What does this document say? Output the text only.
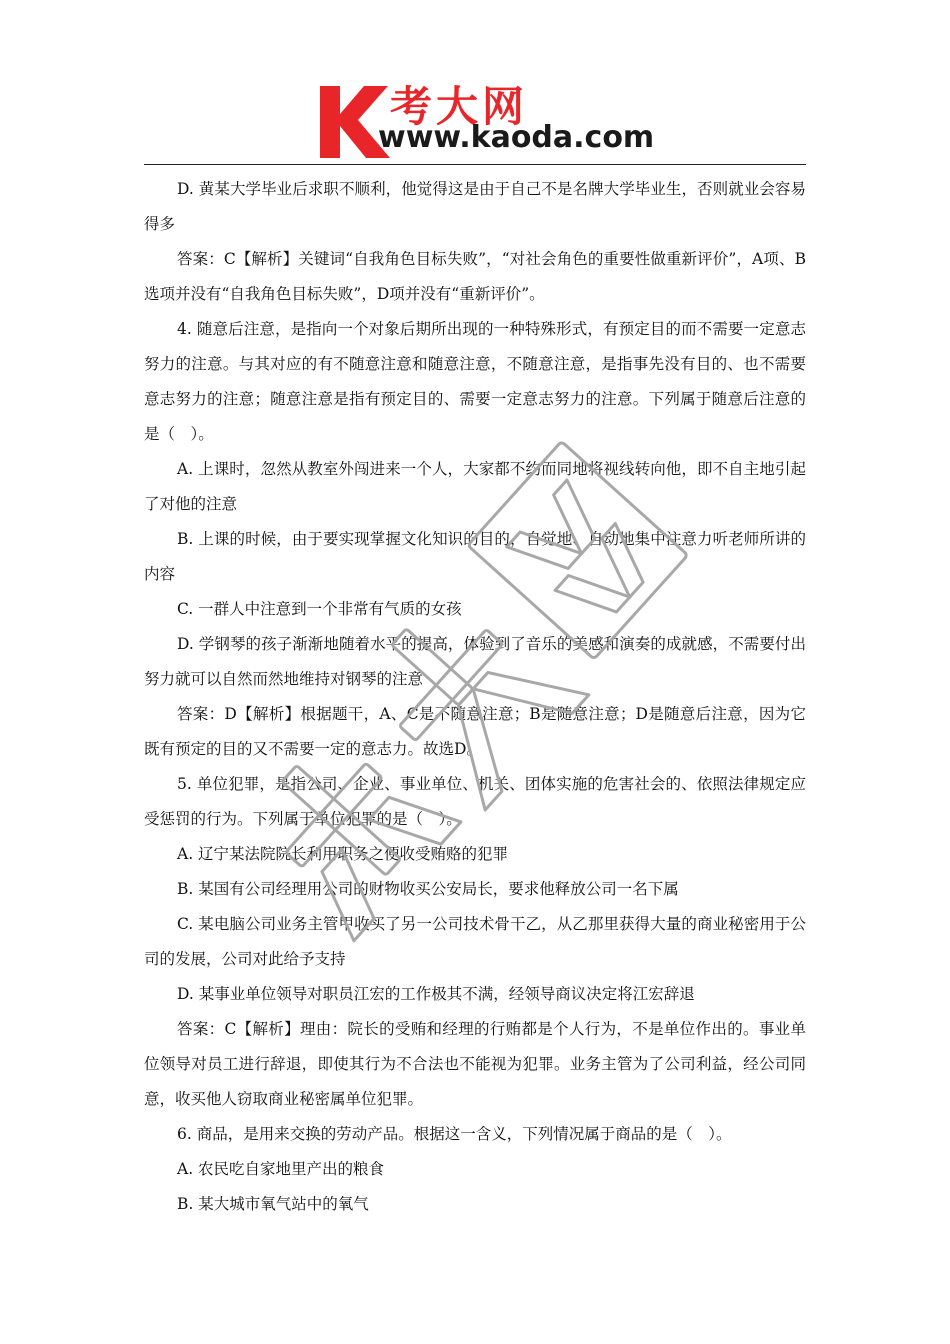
考大网
www.kaoda.com

D. 黄某大学毕业后求职不顺利，他觉得这是由于自己不是名牌大学毕业生，否则就业会容易得多

答案：C【解析】关键词“自我角色目标失败”，“对社会角色的重要性做重新评价”，A项、B选项并没有“自我角色目标失败”，D项并没有“重新评价”。

4. 随意后注意，是指向一个对象后期所出现的一种特殊形式，有预定目的而不需要一定意志努力的注意。与其对应的有不随意注意和随意注意，不随意注意，是指事先没有目的、也不需要意志努力的注意；随意注意是指有预定目的、需要一定意志努力的注意。下列属于随意后注意的是（　）。

A. 上课时，忽然从教室外闯进来一个人，大家都不约而同地将视线转向他，即不自主地引起了对他的注意

B. 上课的时候，由于要实现掌握文化知识的目的，自觉地、自动地集中注意力听老师所讲的内容

C. 一群人中注意到一个非常有气质的女孩

D. 学钢琴的孩子渐渐地随着水平的提高，体验到了音乐的美感和演奏的成就感，不需要付出努力就可以自然而然地维持对钢琴的注意

答案：D【解析】根据题干，A、C是不随意注意；B是随意注意；D是随意后注意，因为它既有预定的目的又不需要一定的意志力。故选D。

5. 单位犯罪，是指公司、企业、事业单位、机关、团体实施的危害社会的、依照法律规定应受惩罚的行为。下列属于单位犯罪的是（　）。

A. 辽宁某法院院长利用职务之便收受贿赂的犯罪

B. 某国有公司经理用公司的财物收买公安局长，要求他释放公司一名下属

C. 某电脑公司业务主管甲收买了另一公司技术骨干乙，从乙那里获得大量的商业秘密用于公司的发展，公司对此给予支持

D. 某事业单位领导对职员江宏的工作极其不满，经领导商议决定将江宏辞退

答案：C【解析】理由：院长的受贿和经理的行贿都是个人行为，不是单位作出的。事业单位领导对员工进行辞退，即使其行为不合法也不能视为犯罪。业务主管为了公司利益，经公司同意，收买他人窃取商业秘密属单位犯罪。

6. 商品，是用来交换的劳动产品。根据这一含义，下列情况属于商品的是（　）。

A. 农民吃自家地里产出的粮食

B. 某大城市氧气站中的氧气
